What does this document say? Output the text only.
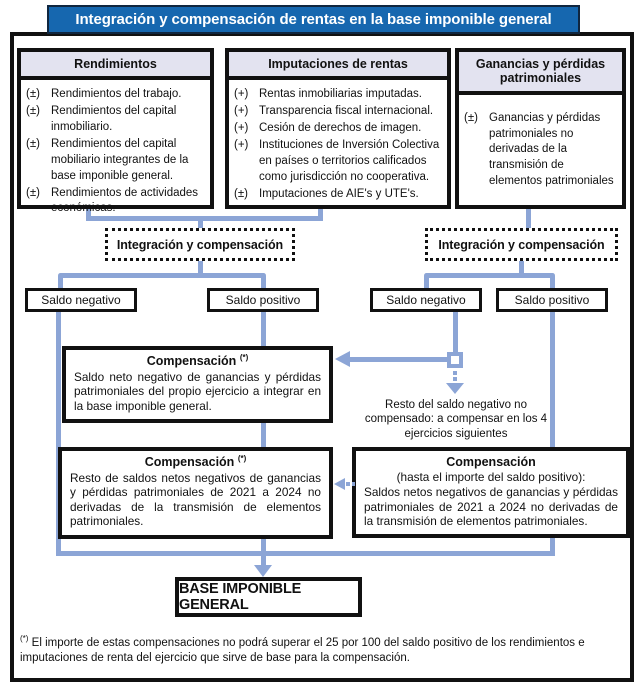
Integración y compensación de rentas en la base imponible general
Rendimientos
(±) Rendimientos del trabajo.
(±) Rendimientos del capital inmobiliario.
(±) Rendimientos del capital mobiliario integrantes de la base imponible general.
(±) Rendimientos de actividades económicas.
Imputaciones de rentas
(+) Rentas inmobiliarias imputadas.
(+) Transparencia fiscal internacional.
(+) Cesión de derechos de imagen.
(+) Instituciones de Inversión Colectiva en países o territorios calificados como jurisdicción no cooperativa.
(±) Imputaciones de AIE's y UTE's.
Ganancias y pérdidas patrimoniales
(±) Ganancias y pérdidas patrimoniales no derivadas de la transmisión de elementos patrimoniales
Integración y compensación	Integración y compensación
Saldo negativo	Saldo positivo	Saldo negativo	Saldo positivo
Resto del saldo negativo no compensado: a compensar en los 4 ejercicios siguientes
Compensación (*)
Saldo neto negativo de ganancias y pérdidas patrimoniales del propio ejercicio a integrar en la base imponible general.
Compensación (*)
Resto de saldos netos negativos de ganancias y pérdidas patrimoniales de 2021 a 2024 no derivadas de la transmisión de elementos patrimoniales.
Compensación
(hasta el importe del saldo positivo):
Saldos netos negativos de ganancias y pérdidas patrimoniales de 2021 a 2024 no derivadas de la transmisión de elementos patrimoniales.
BASE IMPONIBLE GENERAL
(*) El importe de estas compensaciones no podrá superar el 25 por 100 del saldo positivo de los rendimientos e imputaciones de renta del ejercicio que sirve de base para la compensación.
